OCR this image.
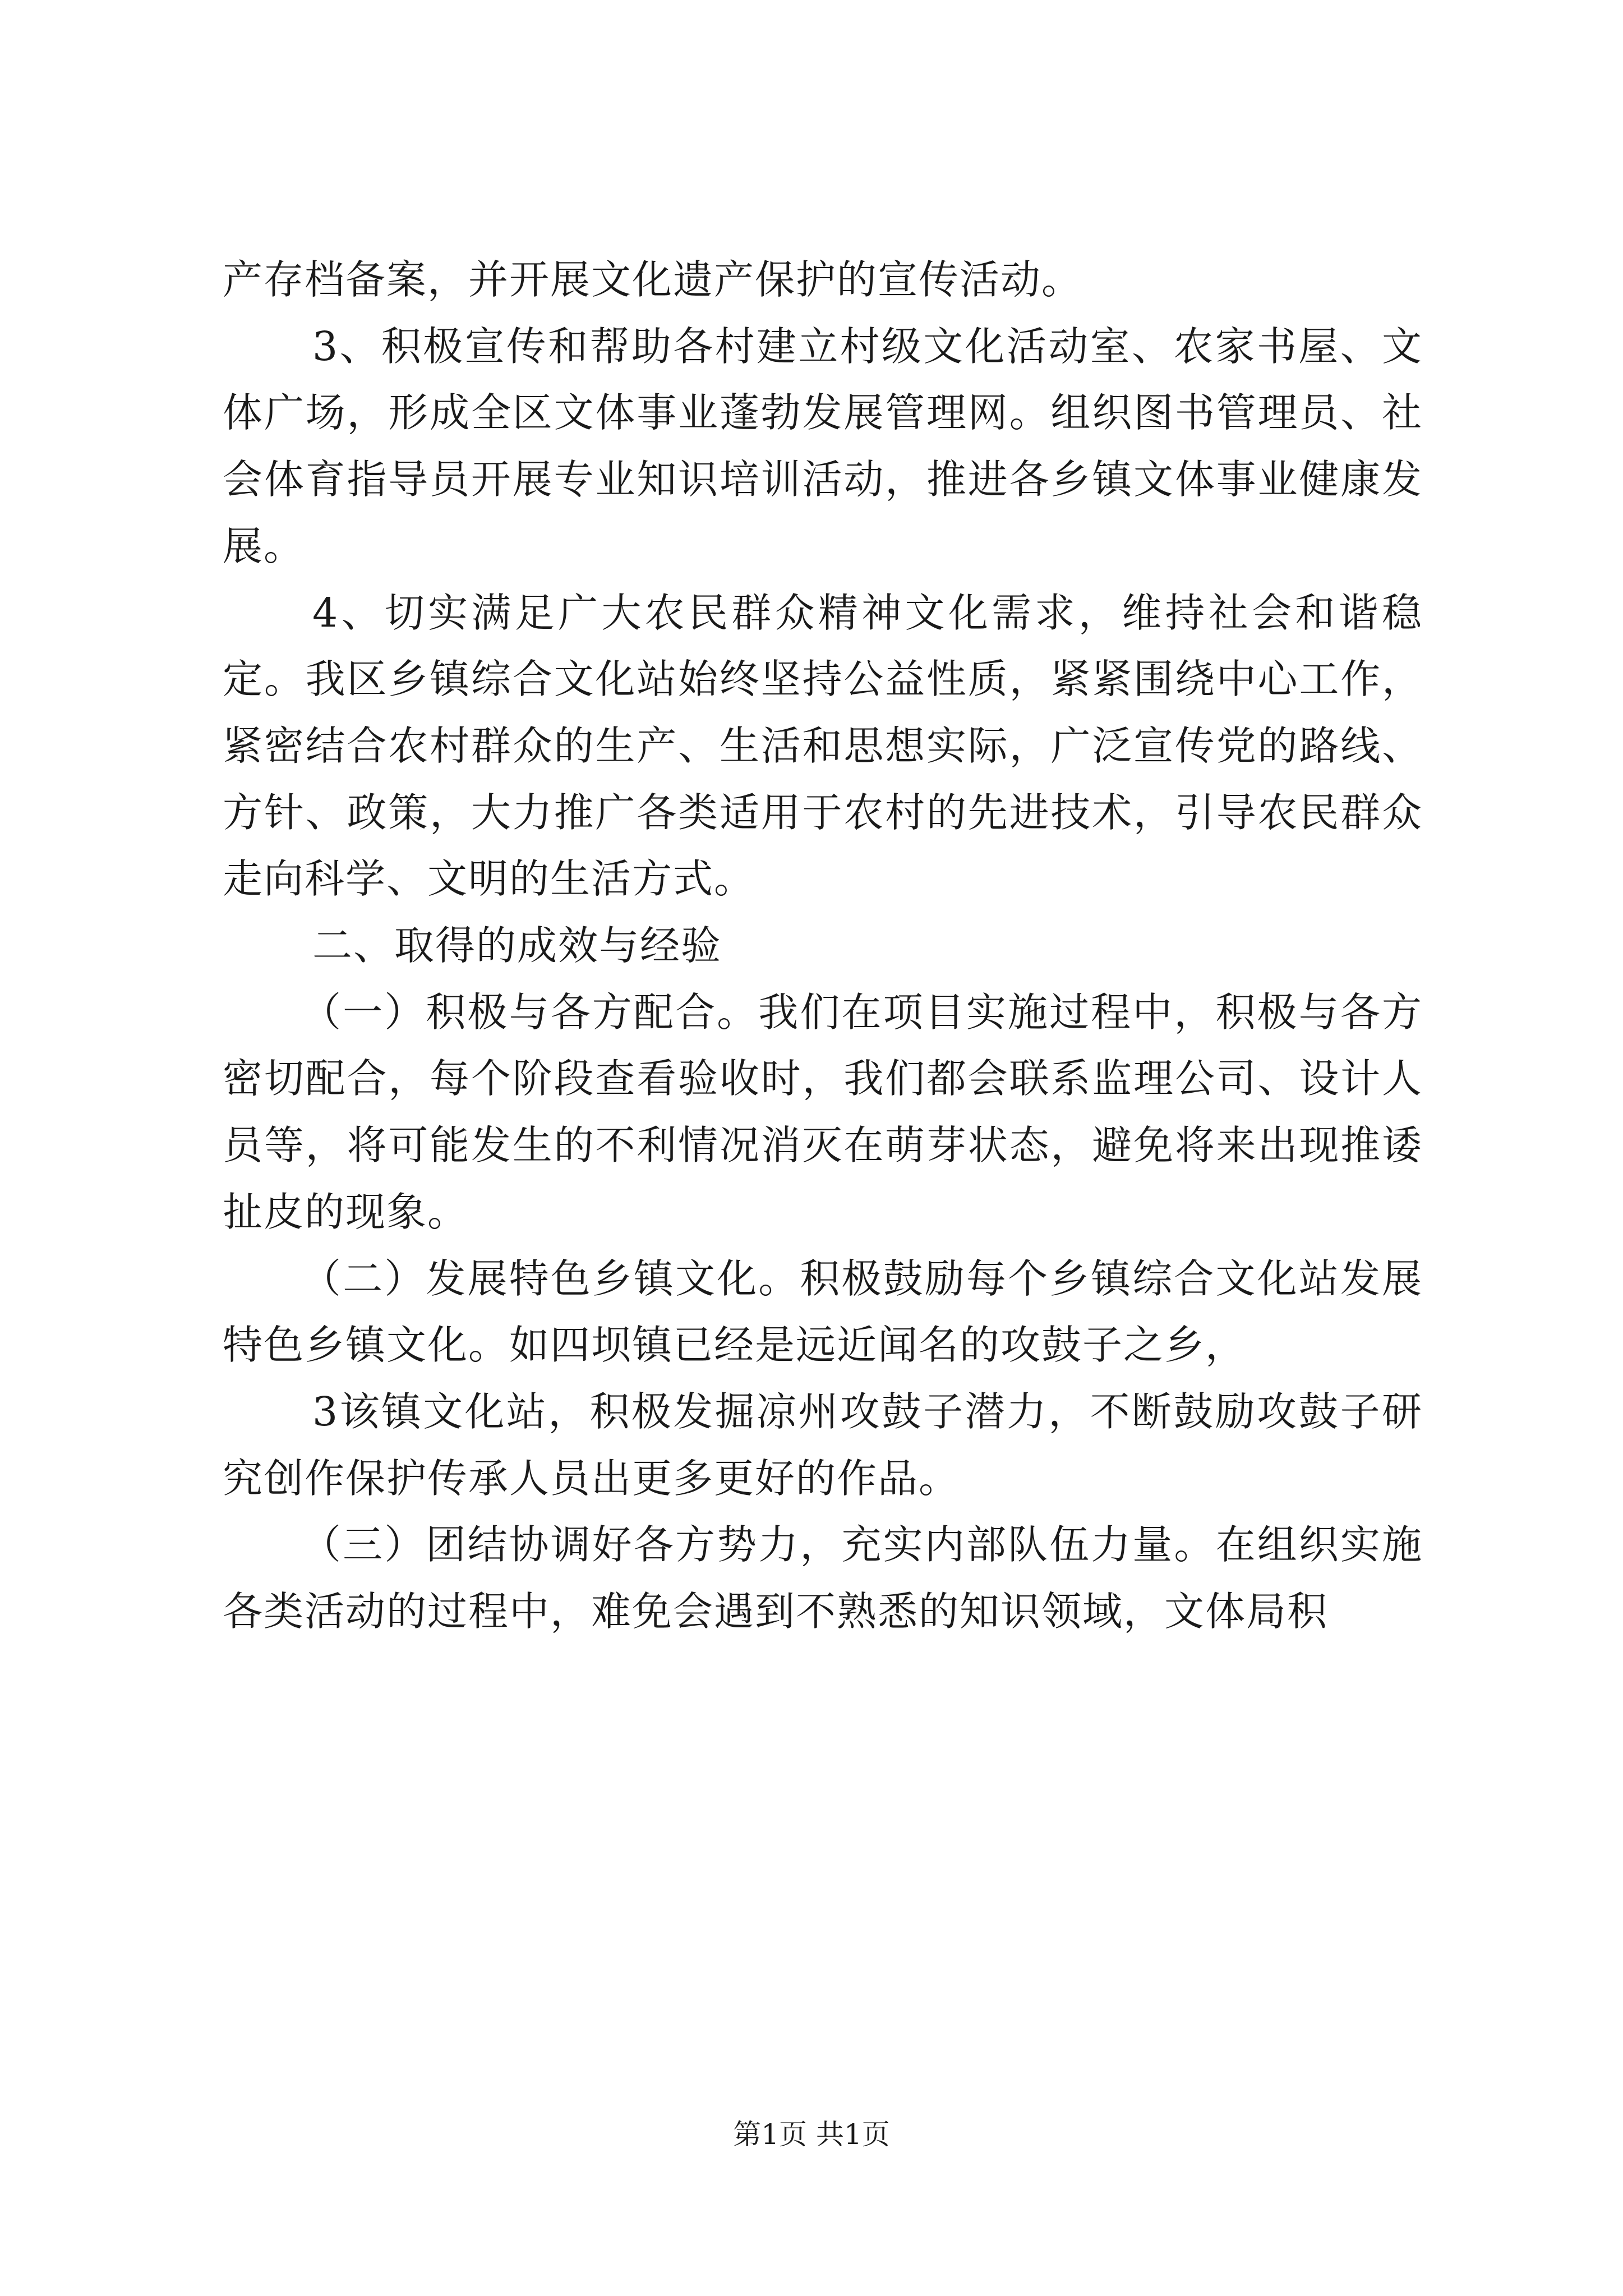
产存档备案，并开展文化遗产保护的宣传活动。

3、积极宣传和帮助各村建立村级文化活动室、农家书屋、文体广场，形成全区文体事业蓬勃发展管理网。组织图书管理员、社会体育指导员开展专业知识培训活动，推进各乡镇文体事业健康发展。

4、切实满足广大农民群众精神文化需求，维持社会和谐稳定。我区乡镇综合文化站始终坚持公益性质，紧紧围绕中心工作，紧密结合农村群众的生产、生活和思想实际，广泛宣传党的路线、方针、政策，大力推广各类适用于农村的先进技术，引导农民群众走向科学、文明的生活方式。

二、取得的成效与经验

（一）积极与各方配合。我们在项目实施过程中，积极与各方密切配合，每个阶段查看验收时，我们都会联系监理公司、设计人员等，将可能发生的不利情况消灭在萌芽状态，避免将来出现推诿扯皮的现象。

（二）发展特色乡镇文化。积极鼓励每个乡镇综合文化站发展特色乡镇文化。如四坝镇已经是远近闻名的攻鼓子之乡，

3该镇文化站，积极发掘凉州攻鼓子潜力，不断鼓励攻鼓子研究创作保护传承人员出更多更好的作品。

（三）团结协调好各方势力，充实内部队伍力量。在组织实施各类活动的过程中，难免会遇到不熟悉的知识领域，文体局积

第1页 共1页
